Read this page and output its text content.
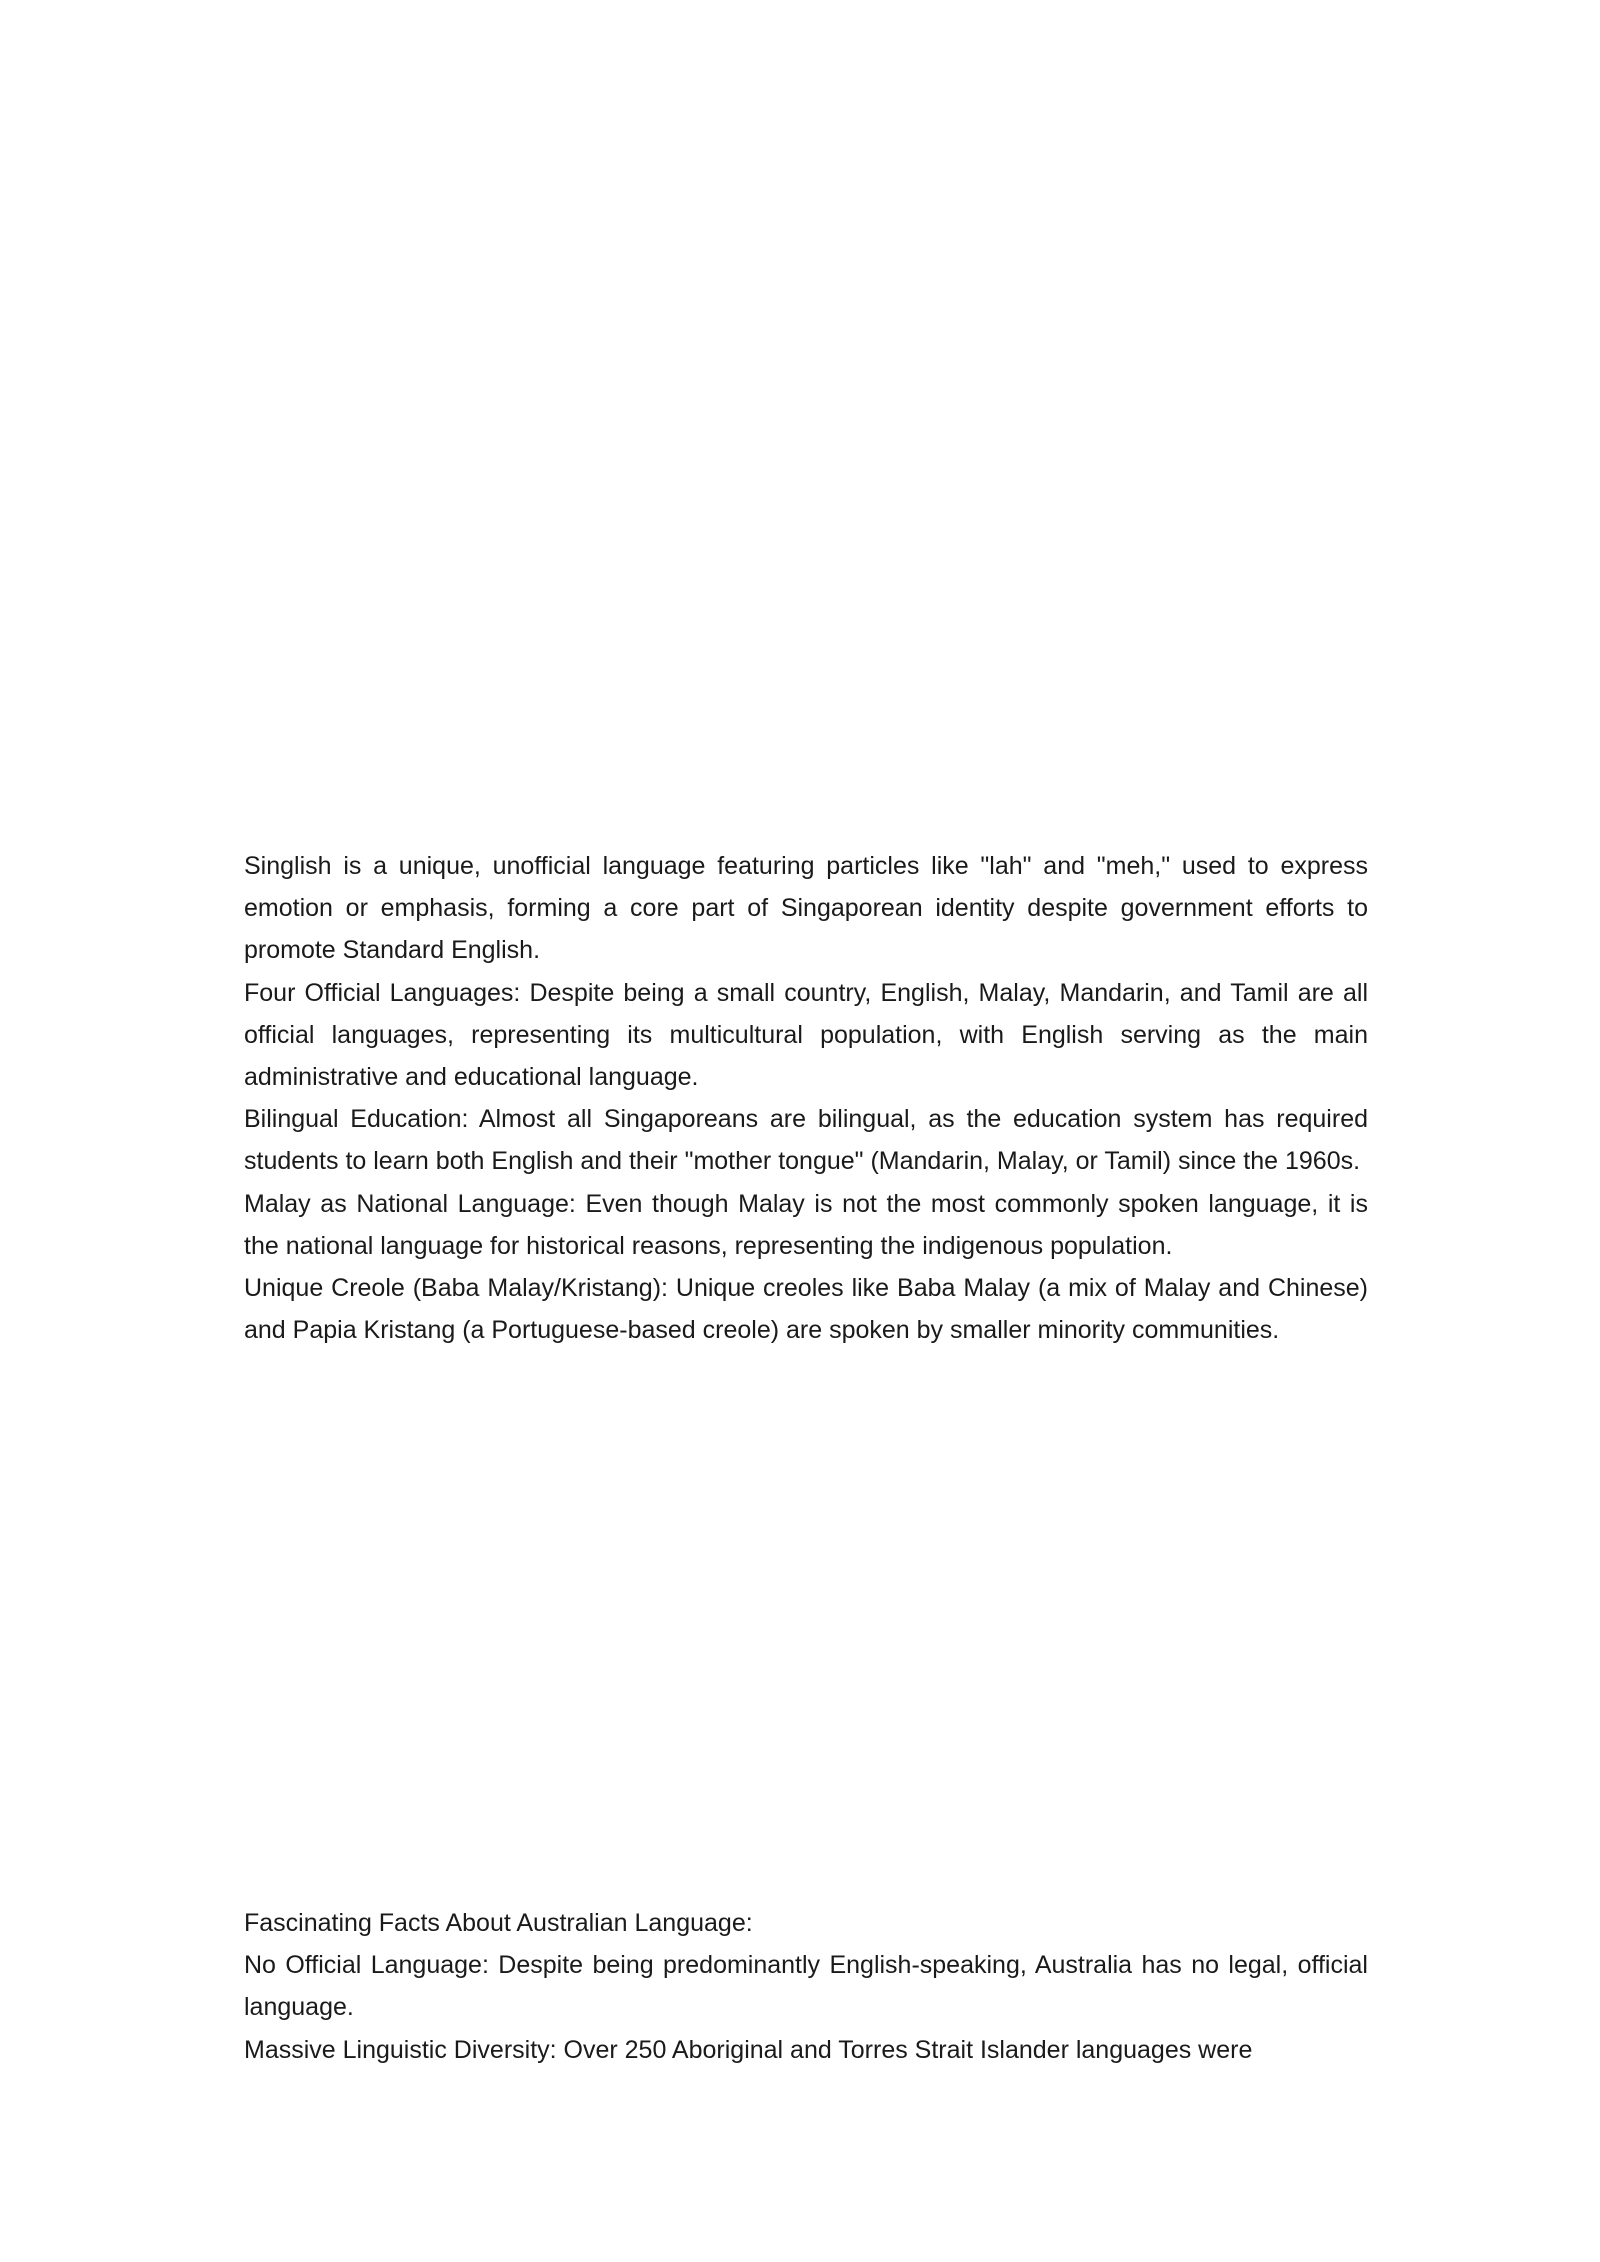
Singlish is a unique, unofficial language featuring particles like "lah" and "meh," used to express emotion or emphasis, forming a core part of Singaporean identity despite government efforts to promote Standard English.

Four Official Languages: Despite being a small country, English, Malay, Mandarin, and Tamil are all official languages, representing its multicultural population, with English serving as the main administrative and educational language.

Bilingual Education: Almost all Singaporeans are bilingual, as the education system has required students to learn both English and their "mother tongue" (Mandarin, Malay, or Tamil) since the 1960s.

Malay as National Language: Even though Malay is not the most commonly spoken language, it is the national language for historical reasons, representing the indigenous population.

Unique Creole (Baba Malay/Kristang): Unique creoles like Baba Malay (a mix of Malay and Chinese) and Papia Kristang (a Portuguese-based creole) are spoken by smaller minority communities.

Fascinating Facts About Australian Language:

No Official Language: Despite being predominantly English-speaking, Australia has no legal, official language.

Massive Linguistic Diversity: Over 250 Aboriginal and Torres Strait Islander languages were
